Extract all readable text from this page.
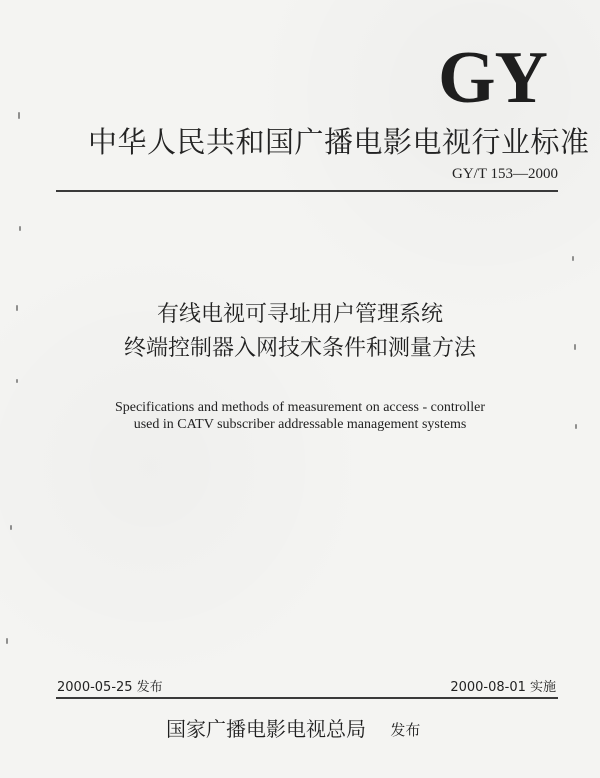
GY
中华人民共和国广播电影电视行业标准
GY/T 153—2000
有线电视可寻址用户管理系统
终端控制器入网技术条件和测量方法
Specifications and methods of measurement on access - controller
used in CATV subscriber addressable management systems
2000-05-25 发布	2000-08-01 实施
国家广播电影电视总局 发布
